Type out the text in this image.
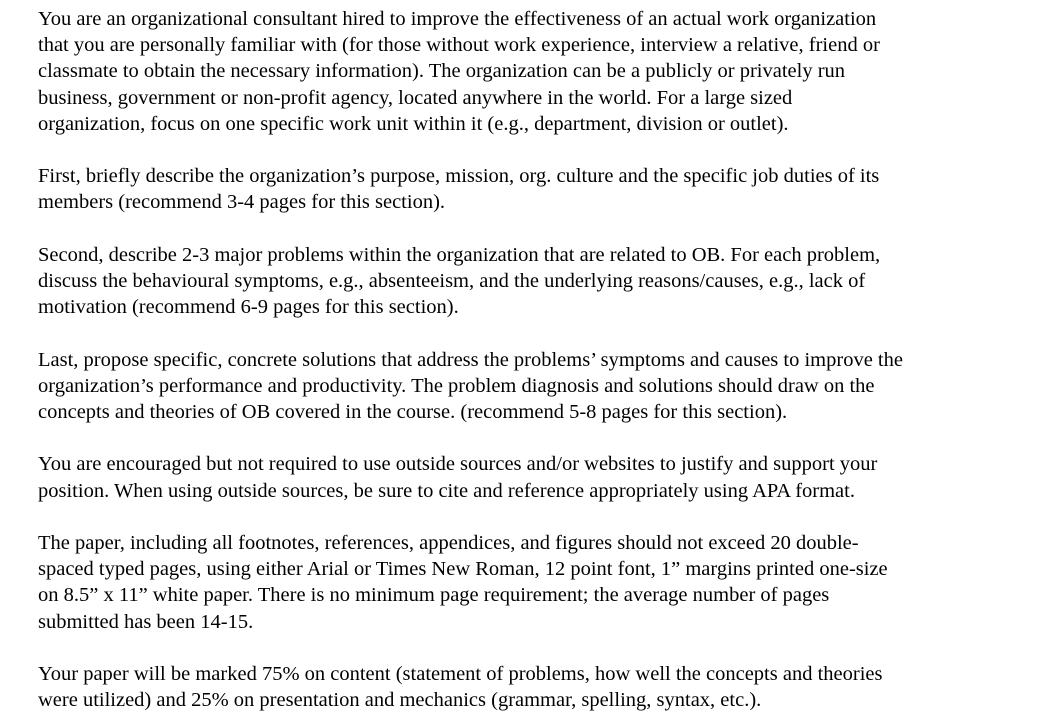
You are an organizational consultant hired to improve the effectiveness of an actual work organization
that you are personally familiar with (for those without work experience, interview a relative, friend or
classmate to obtain the necessary information). The organization can be a publicly or privately run
business, government or non-profit agency, located anywhere in the world. For a large sized
organization, focus on one specific work unit within it (e.g., department, division or outlet).

First, briefly describe the organization’s purpose, mission, org. culture and the specific job duties of its
members (recommend 3-4 pages for this section).

Second, describe 2-3 major problems within the organization that are related to OB. For each problem,
discuss the behavioural symptoms, e.g., absenteeism, and the underlying reasons/causes, e.g., lack of
motivation (recommend 6-9 pages for this section).

Last, propose specific, concrete solutions that address the problems’ symptoms and causes to improve the
organization’s performance and productivity. The problem diagnosis and solutions should draw on the
concepts and theories of OB covered in the course. (recommend 5-8 pages for this section).

You are encouraged but not required to use outside sources and/or websites to justify and support your
position. When using outside sources, be sure to cite and reference appropriately using APA format.

The paper, including all footnotes, references, appendices, and figures should not exceed 20 double-
spaced typed pages, using either Arial or Times New Roman, 12 point font, 1” margins printed one-size
on 8.5” x 11” white paper. There is no minimum page requirement; the average number of pages
submitted has been 14-15.

Your paper will be marked 75% on content (statement of problems, how well the concepts and theories
were utilized) and 25% on presentation and mechanics (grammar, spelling, syntax, etc.).
